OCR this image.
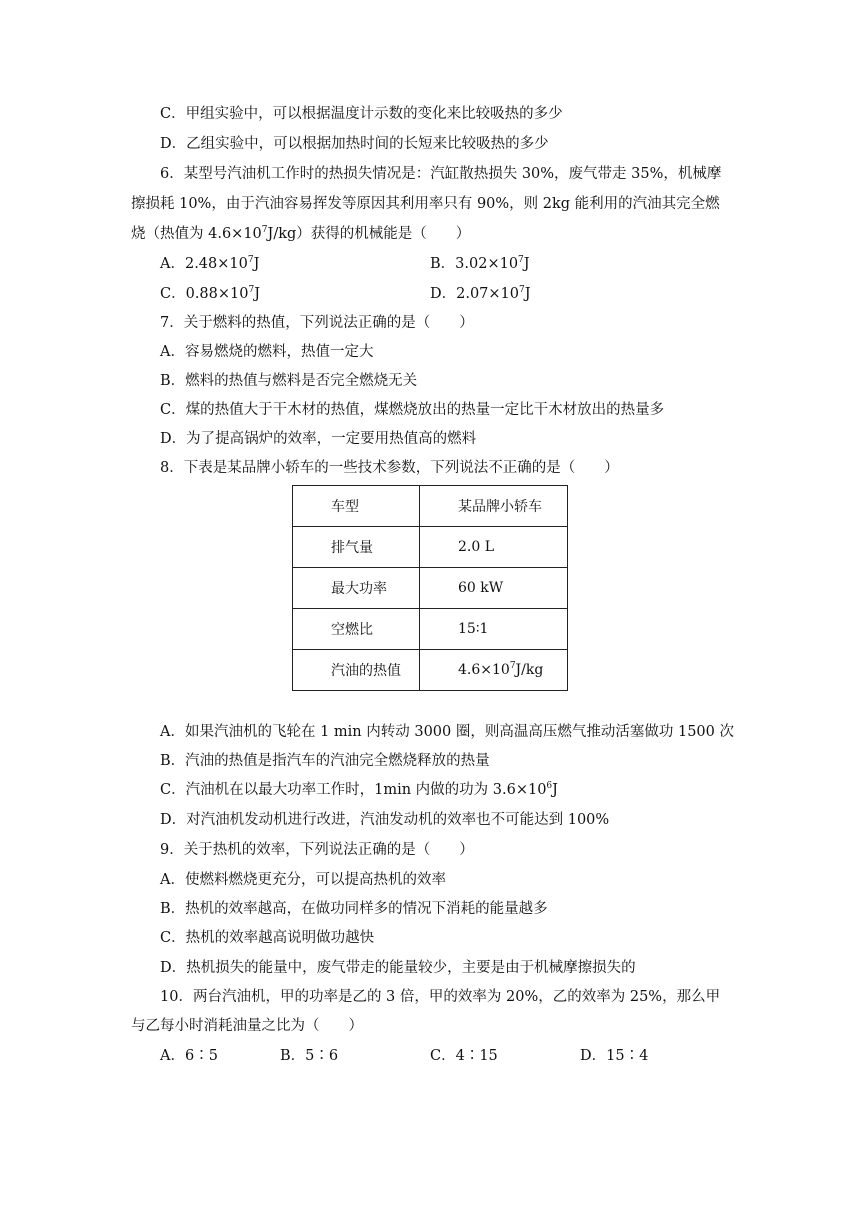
C．甲组实验中，可以根据温度计示数的变化来比较吸热的多少
D．乙组实验中，可以根据加热时间的长短来比较吸热的多少
6．某型号汽油机工作时的热损失情况是：汽缸散热损失 30%，废气带走 35%，机械摩
擦损耗 10%，由于汽油容易挥发等原因其利用率只有 90%，则 2kg 能利用的汽油其完全燃
烧（热值为 $4.6\times 10^7J/kg$）获得的机械能是（　　）
A．$2.48\times 10^7J$	B．$3.02\times 10^7J$
C．$0.88\times 10^7J$	D．$2.07\times 10^7J$
7．关于燃料的热值，下列说法正确的是（　　）
A．容易燃烧的燃料，热值一定大
B．燃料的热值与燃料是否完全燃烧无关
C．煤的热值大于干木材的热值，煤燃烧放出的热量一定比干木材放出的热量多
D．为了提高锅炉的效率，一定要用热值高的燃料
8．下表是某品牌小轿车的一些技术参数，下列说法不正确的是（　　）
车型	某品牌小轿车
排气量	2.0 L
最大功率	60 kW
空燃比	15∶1
汽油的热值	$4.6\times 10^7J/kg$
A．如果汽油机的飞轮在 1 min 内转动 3000 圈，则高温高压燃气推动活塞做功 1500 次
B．汽油的热值是指汽车的汽油完全燃烧释放的热量
C．汽油机在以最大功率工作时，1min 内做的功为 $3.6\times 10^6J$
D．对汽油机发动机进行改进，汽油发动机的效率也不可能达到 100%
9．关于热机的效率，下列说法正确的是（　　）
A．使燃料燃烧更充分，可以提高热机的效率
B．热机的效率越高，在做功同样多的情况下消耗的能量越多
C．热机的效率越高说明做功越快
D．热机损失的能量中，废气带走的能量较少，主要是由于机械摩擦损失的
10．两台汽油机，甲的功率是乙的 3 倍，甲的效率为 20%，乙的效率为 25%，那么甲
与乙每小时消耗油量之比为（　　）
A．6∶5	B．5∶6	C．4∶15	D．15∶4
